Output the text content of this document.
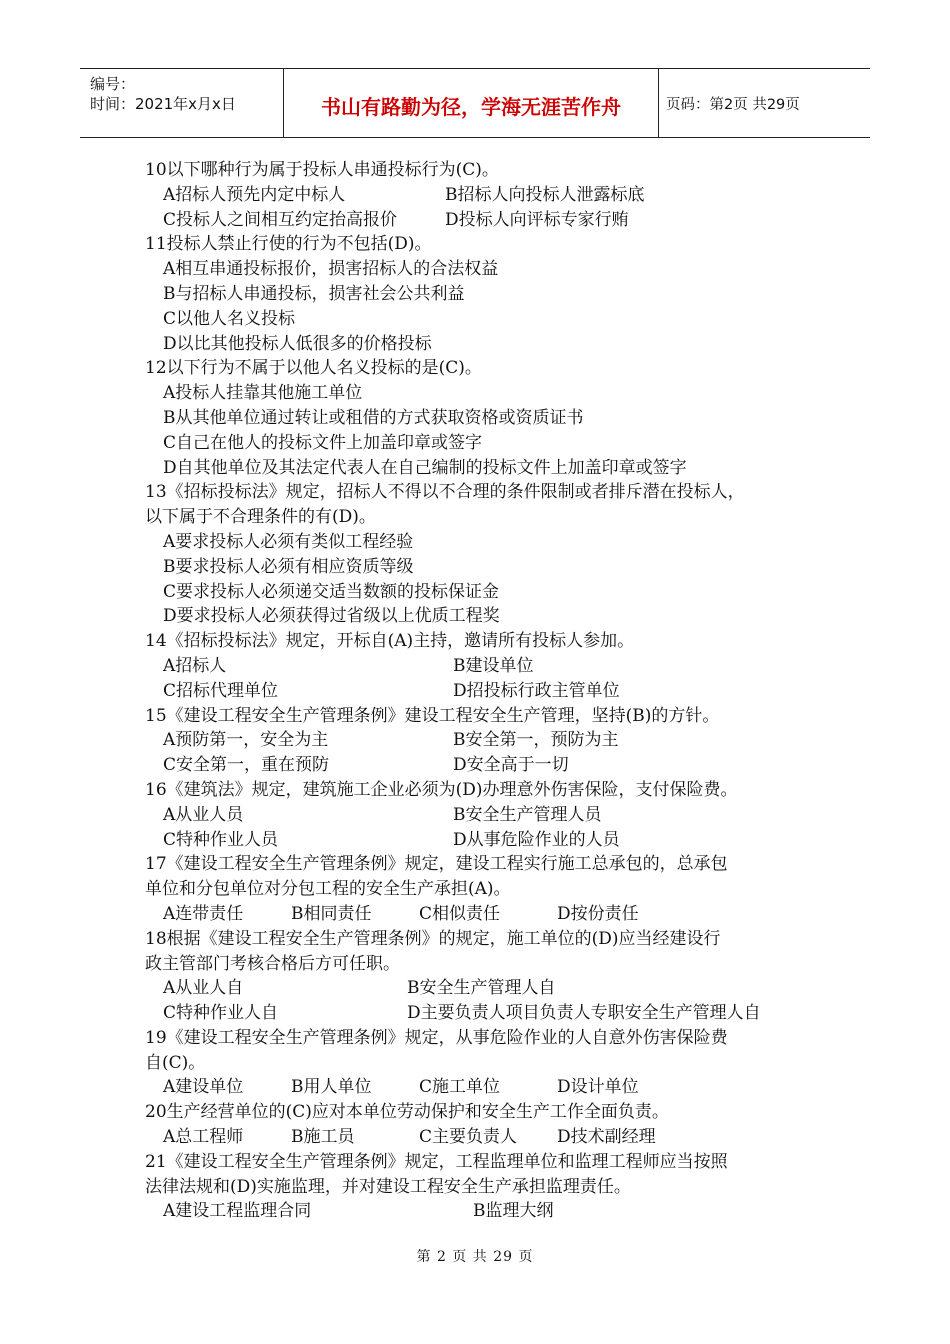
编号：
时间：2021年x月x日	书山有路勤为径，学海无涯苦作舟	页码：第2页 共29页
10以下哪种行为属于投标人串通投标行为(C)。
A招标人预先内定中标人	B招标人向投标人泄露标底
C投标人之间相互约定抬高报价	D投标人向评标专家行贿
11投标人禁止行使的行为不包括(D)。
A相互串通投标报价，损害招标人的合法权益
B与招标人串通投标，损害社会公共利益
C以他人名义投标
D以比其他投标人低很多的价格投标
12以下行为不属于以他人名义投标的是(C)。
A投标人挂靠其他施工单位
B从其他单位通过转让或租借的方式获取资格或资质证书
C自己在他人的投标文件上加盖印章或签字
D自其他单位及其法定代表人在自己编制的投标文件上加盖印章或签字
13《招标投标法》规定，招标人不得以不合理的条件限制或者排斥潜在投标人，
以下属于不合理条件的有(D)。
A要求投标人必须有类似工程经验
B要求投标人必须有相应资质等级
C要求投标人必须递交适当数额的投标保证金
D要求投标人必须获得过省级以上优质工程奖
14《招标投标法》规定，开标自(A)主持，邀请所有投标人参加。
A招标人	B建设单位
C招标代理单位	D招投标行政主管单位
15《建设工程安全生产管理条例》建设工程安全生产管理，坚持(B)的方针。
A预防第一，安全为主	B安全第一，预防为主
C安全第一，重在预防	D安全高于一切
16《建筑法》规定，建筑施工企业必须为(D)办理意外伤害保险，支付保险费。
A从业人员	B安全生产管理人员
C特种作业人员	D从事危险作业的人员
17《建设工程安全生产管理条例》规定，建设工程实行施工总承包的，总承包
单位和分包单位对分包工程的安全生产承担(A)。
A连带责任	B相同责任	C相似责任	D按份责任
18根据《建设工程安全生产管理条例》的规定，施工单位的(D)应当经建设行
政主管部门考核合格后方可任职。
A从业人自	B安全生产管理人自
C特种作业人自	D主要负责人项目负责人专职安全生产管理人自
19《建设工程安全生产管理条例》规定，从事危险作业的人自意外伤害保险费
自(C)。
A建设单位	B用人单位	C施工单位	D设计单位
20生产经营单位的(C)应对本单位劳动保护和安全生产工作全面负责。
A总工程师	B施工员	C主要负责人 D技术副经理
21《建设工程安全生产管理条例》规定，工程监理单位和监理工程师应当按照
法律法规和(D)实施监理，并对建设工程安全生产承担监理责任。
A建设工程监理合同	B监理大纲
第 2 页 共 29 页
